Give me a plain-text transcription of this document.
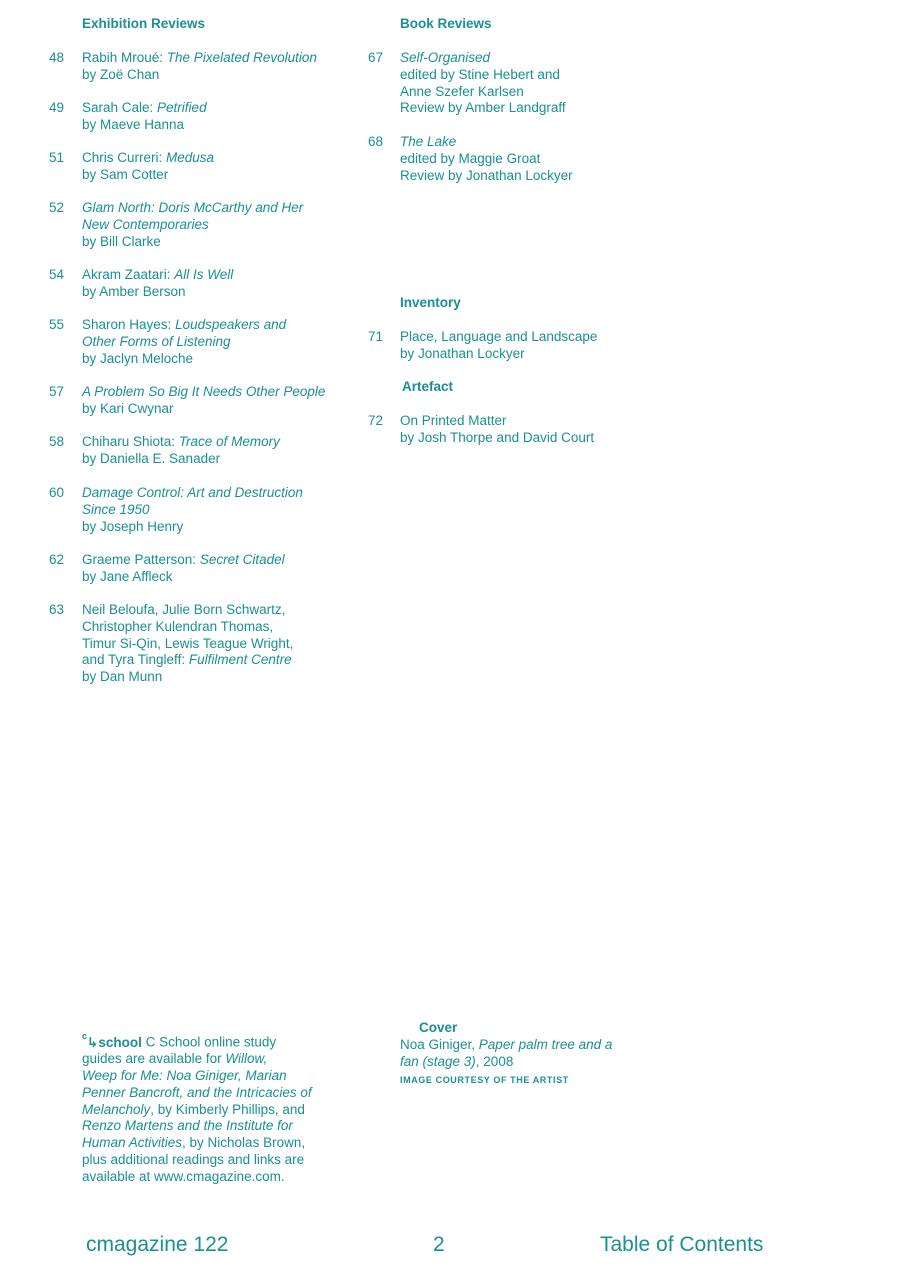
Exhibition Reviews
48 Rabih Mroué: The Pixelated Revolution
by Zoë Chan
49 Sarah Cale: Petrified
by Maeve Hanna
51 Chris Curreri: Medusa
by Sam Cotter
52 Glam North: Doris McCarthy and Her
New Contemporaries
by Bill Clarke
54 Akram Zaatari: All Is Well
by Amber Berson
55 Sharon Hayes: Loudspeakers and
Other Forms of Listening
by Jaclyn Meloche
57 A Problem So Big It Needs Other People
by Kari Cwynar
58 Chiharu Shiota: Trace of Memory
by Daniella E. Sanader
60 Damage Control: Art and Destruction
Since 1950
by Joseph Henry
62 Graeme Patterson: Secret Citadel
by Jane Affleck
63 Neil Beloufa, Julie Born Schwartz,
Christopher Kulendran Thomas,
Timur Si-Qin, Lewis Teague Wright,
and Tyra Tingleff: Fulfilment Centre
by Dan Munn
Book Reviews
67 Self-Organised
edited by Stine Hebert and
Anne Szefer Karlsen
Review by Amber Landgraff
68 The Lake
edited by Maggie Groat
Review by Jonathan Lockyer
Inventory
71 Place, Language and Landscape
by Jonathan Lockyer
Artefact
72 On Printed Matter
by Josh Thorpe and David Court
$^c$↳school C School online study
guides are available for Willow,
Weep for Me: Noa Giniger, Marian
Penner Bancroft, and the Intricacies of
Melancholy, by Kimberly Phillips, and
Renzo Martens and the Institute for
Human Activities, by Nicholas Brown,
plus additional readings and links are
available at www.cmagazine.com.
Cover
Noa Giniger, Paper palm tree and a
fan (stage 3), 2008
IMAGE COURTESY OF THE ARTIST
cmagazine 122	2	Table of Contents
